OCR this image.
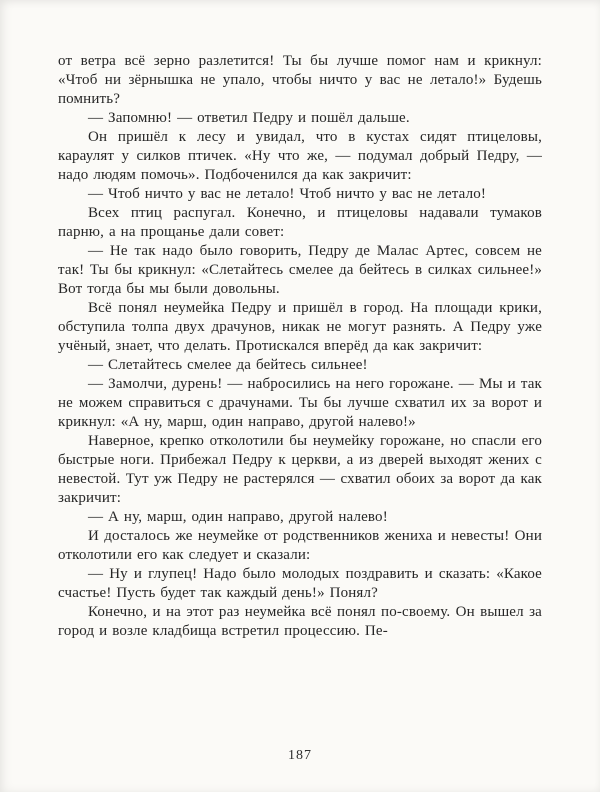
от ветра всё зерно разлетится! Ты бы лучше помог нам и крикнул: «Чтоб ни зёрнышка не упало, чтобы ничто у вас не летало!» Будешь помнить?

— Запомню! — ответил Педру и пошёл дальше.

Он пришёл к лесу и увидал, что в кустах сидят птицеловы, караулят у силков птичек. «Ну что же, — подумал добрый Педру, — надо людям помочь». Подбоченился да как закричит:

— Чтоб ничто у вас не летало! Чтоб ничто у вас не летало!

Всех птиц распугал. Конечно, и птицеловы надавали тумаков парню, а на прощанье дали совет:

— Не так надо было говорить, Педру де Малас Артес, совсем не так! Ты бы крикнул: «Слетайтесь смелее да бейтесь в силках сильнее!» Вот тогда бы мы были довольны.

Всё понял неумейка Педру и пришёл в город. На площади крики, обступила толпа двух драчунов, никак не могут разнять. А Педру уже учёный, знает, что делать. Протискался вперёд да как закричит:

— Слетайтесь смелее да бейтесь сильнее!

— Замолчи, дурень! — набросились на него горожане. — Мы и так не можем справиться с драчунами. Ты бы лучше схватил их за ворот и крикнул: «А ну, марш, один направо, другой налево!»

Наверное, крепко отколотили бы неумейку горожане, но спасли его быстрые ноги. Прибежал Педру к церкви, а из дверей выходят жених с невестой. Тут уж Педру не растерялся — схватил обоих за ворот да как закричит:

— А ну, марш, один направо, другой налево!

И досталось же неумейке от родственников жениха и невесты! Они отколотили его как следует и сказали:

— Ну и глупец! Надо было молодых поздравить и сказать: «Какое счастье! Пусть будет так каждый день!» Понял?

Конечно, и на этот раз неумейка всё понял по-своему. Он вышел за город и возле кладбища встретил процессию. Пе-

187
